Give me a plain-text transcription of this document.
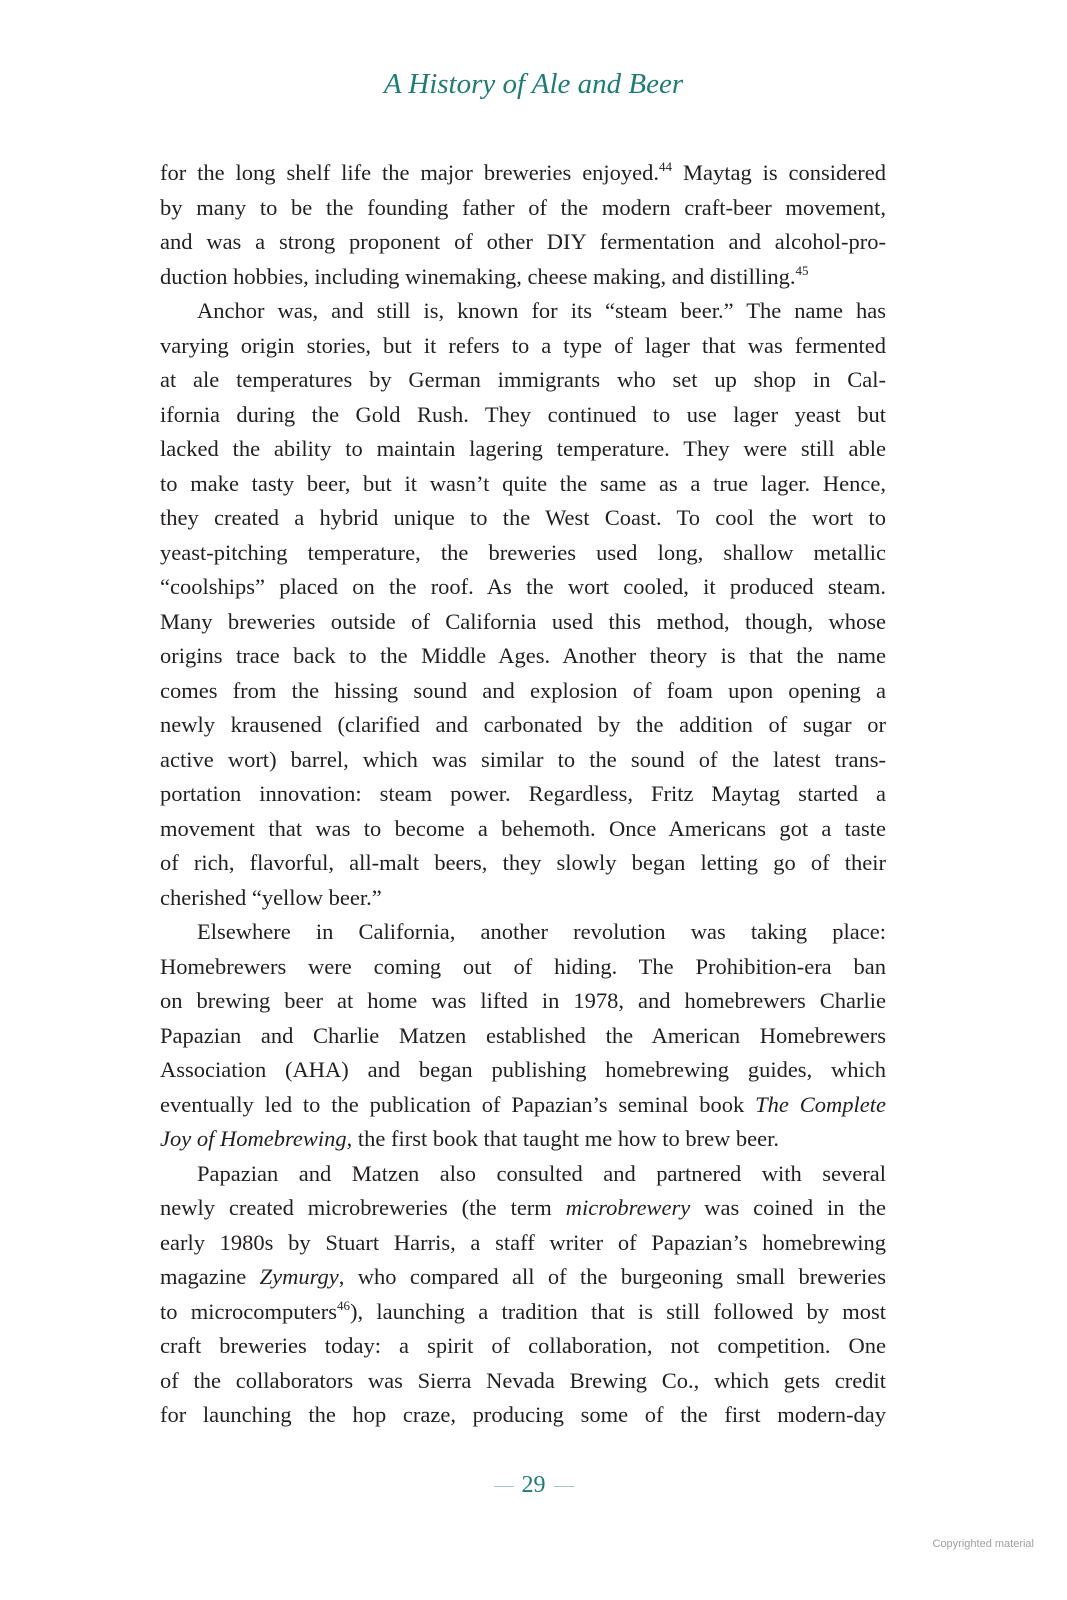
A History of Ale and Beer
for the long shelf life the major breweries enjoyed.$^{44}$ Maytag is considered
by many to be the founding father of the modern craft-beer movement,
and was a strong proponent of other DIY fermentation and alcohol-pro-
duction hobbies, including winemaking, cheese making, and distilling.$^{45}$
Anchor was, and still is, known for its “steam beer.” The name has
varying origin stories, but it refers to a type of lager that was fermented
at ale temperatures by German immigrants who set up shop in Cal-
ifornia during the Gold Rush. They continued to use lager yeast but
lacked the ability to maintain lagering temperature. They were still able
to make tasty beer, but it wasn’t quite the same as a true lager. Hence,
they created a hybrid unique to the West Coast. To cool the wort to
yeast-pitching temperature, the breweries used long, shallow metallic
“coolships” placed on the roof. As the wort cooled, it produced steam.
Many breweries outside of California used this method, though, whose
origins trace back to the Middle Ages. Another theory is that the name
comes from the hissing sound and explosion of foam upon opening a
newly krausened (clarified and carbonated by the addition of sugar or
active wort) barrel, which was similar to the sound of the latest trans-
portation innovation: steam power. Regardless, Fritz Maytag started a
movement that was to become a behemoth. Once Americans got a taste
of rich, flavorful, all-malt beers, they slowly began letting go of their
cherished “yellow beer.”
Elsewhere in California, another revolution was taking place:
Homebrewers were coming out of hiding. The Prohibition-era ban
on brewing beer at home was lifted in 1978, and homebrewers Charlie
Papazian and Charlie Matzen established the American Homebrewers
Association (AHA) and began publishing homebrewing guides, which
eventually led to the publication of Papazian’s seminal book The Complete
Joy of Homebrewing, the first book that taught me how to brew beer.
Papazian and Matzen also consulted and partnered with several
newly created microbreweries (the term microbrewery was coined in the
early 1980s by Stuart Harris, a staff writer of Papazian’s homebrewing
magazine Zymurgy, who compared all of the burgeoning small breweries
to microcomputers$^{46}$), launching a tradition that is still followed by most
craft breweries today: a spirit of collaboration, not competition. One
of the collaborators was Sierra Nevada Brewing Co., which gets credit
for launching the hop craze, producing some of the first modern-day
29
Copyrighted material
